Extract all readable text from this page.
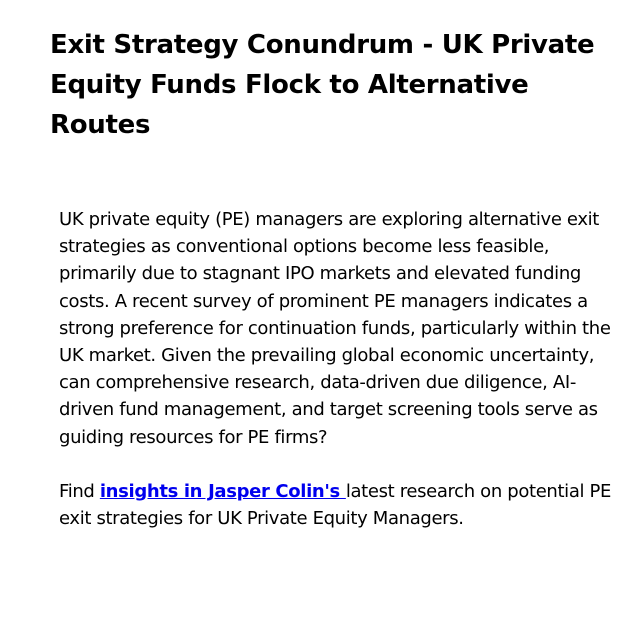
Exit Strategy Conundrum - UK Private Equity Funds Flock to Alternative Routes

UK private equity (PE) managers are exploring alternative exit strategies as conventional options become less feasible, primarily due to stagnant IPO markets and elevated funding costs. A recent survey of prominent PE managers indicates a strong preference for continuation funds, particularly within the UK market. Given the prevailing global economic uncertainty, can comprehensive research, data-driven due diligence, AI-driven fund management, and target screening tools serve as guiding resources for PE firms?

Find insights in Jasper Colin's latest research on potential PE exit strategies for UK Private Equity Managers.
